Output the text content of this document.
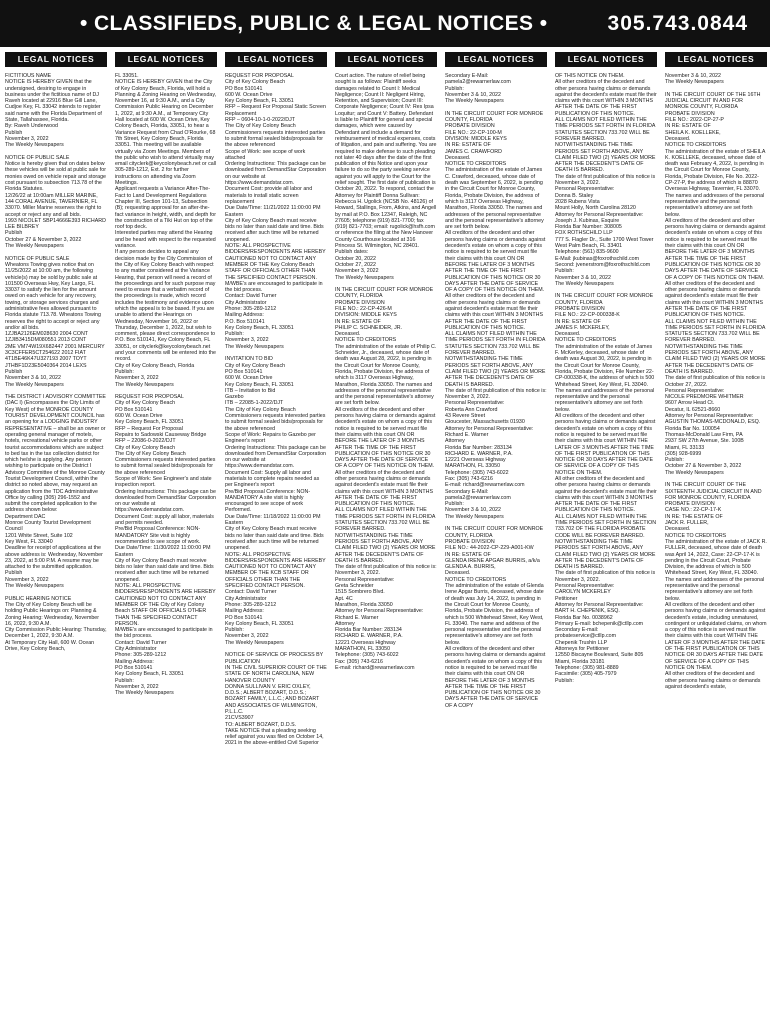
• CLASSIFIEDS, PUBLIC & LEGAL NOTICES •	305.743.0844
LEGAL NOTICES
FICTITIOUS NAME
NOTICE IS HEREBY GIVEN that the undersigned, desiring to engage in business under the fictitious name of DJ Raveh located at 22916 Blue Gill Lane, Cudjoe Key, FL 33042 intends to register said name with the Florida Department of State, Tallahassee, Florida.
By: Raveh Underwood
Publish
November 3, 2022
The Weekly Newspapers

NOTICE OF PUBLIC SALE
Notice is hereby given that on dates below these vehicles will be sold at public sale for monies owed on vehicle repair and storage cost pursuant to subsection 713.78 of the Florida Statutes.
12/26/22 at 10:00am MILLER MARINE, 144 CORAL AVENUE, TAVERNIER, FL 33070. Miller Marine reserves the right to accept or reject any and all bids.
1993 NICOLET SBP14666E393 RICHARD LEE BILBREY
Publish
October 27 & November 3, 2022
The Weekly Newspapers

NOTICE OF PUBLIC SALE
Wheatons Towing gives notice that on 11/25/2022 at 10:00 am, the following vehicle(s) may be sold by public sale at 101500 Overseas Hwy, Key Largo, FL 33037 to satisfy the lien for the amount owed on each vehicle for any recovery, towing, or storage services charges and administrative fees allowed pursuant to Florida statute 713.78. Wheatons Towing reserves the right to accept or reject any and/or all bids.
1ZJBA2126EM028630 2004 CONT
1ZJIB3415DM080551 2013 CONT
2ME VM74W19X682447 2001 MERCURY
3C3CFFER5CT254622 2012 FIAT
4T1BE46K47U327193 2007 TOYT
JTHBF1D23E5040364 2014 LEXS
Publish
November 3 & 10, 2022
The Weekly Newspapers

THE DISTRICT I ADVISORY COMMITTEE (DAC I) (Encompasses the City Limits of Key West) of the MONROE COUNTY TOURIST DEVELOPMENT COUNCIL has an opening for a LODGING INDUSTRY REPRESENTATIVE – shall be an owner or operating general manager of motels, hotels, recreational vehicle parks or other tourist accommodations which are subject to bed tax in the tax collection district for which he/she is applying. Any person wishing to participate on the District I Advisory Committee of the Monroe County Tourist Development Council, within the district so noted above, may request an application from the TDC Administrative Office by calling (305) 296-1552 and submit the completed application to the address shown below:
Department DAC
Monroe County Tourist Development Council
1201 White Street, Suite 102
Key West, FL 33040
Deadline for receipt of applications at the above address is: Wednesday, November 23, 2022, at 5:00 P.M. A resume may be attached to the submitted application.
Publish
November 3, 2022
The Weekly Newspapers

PUBLIC HEARING NOTICE
The City of Key Colony Beach will be holding Public Hearings on: Planning & Zoning Hearing: Wednesday, November 16, 2022, 9:30 A.M.
City Commission Public Hearing: Thursday, December 1, 2022, 9:30 A.M.
At Temporary City Hall, 600 W. Ocean Drive, Key Colony Beach,
LEGAL NOTICES
FL 33051.
NOTICE IS HEREBY GIVEN that the City of Key Colony Beach, Florida, will hold a Planning & Zoning Hearing on Wednesday, November 16, at 9:30 A.M., and a City Commission Public Hearing on December 1, 2022, at 9:30 A.M., at Temporary City Hall located at 600 W. Ocean Drive, Key Colony Beach, Florida, 33051, to hear a Variance Request from Chad O'Rourke, 68 7th Street, Key Colony Beach, Florida 33051. This meeting will be available virtually via Zoom Meetings. Members of the public who wish to attend virtually may email cityclerk@keycolonybeach.net or call 305-289-1212, Ext. 2 for further instructions on attending via Zoom Meetings.
Applicant requests a Variance After-The-Fact to Land Development Regulations Chapter III, Section 101-13, Subsection (B); requesting approval for an after-the-fact variance in height, width, and depth for the construction of a Tiki Hut on top of the roof top deck.
Interested parties may attend the Hearing and be heard with respect to the requested variance.
If any person decides to appeal any decision made by the City Commission of the City of Key Colony Beach with respect to any matter considered at the Variance Hearing, that person will need a record of the proceedings and for such purpose may need to ensure that a verbatim record of the proceedings is made, which record includes the testimony and evidence upon which the appeal is to be based. If you are unable to attend the Hearings on Wednesday, November 16, 2022 or Thursday, December 1, 2022, but wish to comment, please direct correspondence to P.O. Box 510141, Key Colony Beach, FL 33051, or cityclerk@keycolonybeach.net and your comments will be entered into the record.
City of Key Colony Beach, Florida
Publish:
November 3, 2022
The Weekly Newspapers

REQUEST FOR PROPOSAL
City of Key Colony Beach
PO Box 510141
600 W. Ocean Drive
Key Colony Beach, FL 33051
RFP – Request For Proposal
Repairs to Sadowski Causeway Bridge
RFP – 22086-0-2022/DJT
City of Key Colony Beach
The City of Key Colony Beach Commissioners requests interested parties to submit formal sealed bids/proposals for the above referenced
Scope of Work: See Engineer's and state inspection report.
Ordering Instructions: This package can be downloaded from DemandStar Corporation on our website at https://www.demandstar.com.
Document Cost: supply all labor, materials and permits needed.
Pre/Bid Proposal Conference: NON-MANDATORY Site visit is highly recommended to see scope of work.
Due Date/Time: 11/30/2022 11:00:00 PM Eastern
City of Key Colony Beach must receive bids no later than said date and time. Bids received after such time will be returned unopened.
NOTE: ALL PROSPECTIVE BIDDERS/RESPONDENTS ARE HEREBY CAUTIONED NOT TO CONTACT ANY MEMBER OF THE City of Key Colony Beach STAFF OR OFFICIALS OTHER THAN THE SPECIFIED CONTACT PERSON.
M/WBE's are encouraged to participate in the bid process.
Contact: David Turner
City Administrator
Phone: 305-289-1212
Mailing Address:
PO Box 510141
Key Colony Beach, FL 33051
Publish:
November 3, 2022
The Weekly Newspapers
LEGAL NOTICES
REQUEST FOR PROPOSAL
City of Key Colony Beach
PO Box 510141
600 W. Ocean Drive
Key Colony Beach, FL 33051
RFP – Request For Proposal Static Screen Replacement
RFP – 0604-10-1-0-2022/DJT
The City of Key Colony Beach Commissioners requests interested parties to submit formal sealed bids/proposals for the above referenced
Scope of Work: see scope of work attached
Ordering Instructions: This package can be downloaded from DemandStar Corporation on our website at https://www.demandstar.com.
Document Cost: provide all labor and materials to install static screen replacement
Due Date/Time: 11/21/2022 11:00:00 PM Eastern
City of Key Colony Beach must receive bids no later than said date and time. Bids received after such time will be returned unopened.
NOTE: ALL PROSPECTIVE BIDDERS/RESPONDENTS ARE HEREBY CAUTIONED NOT TO CONTACT ANY MEMBER OF THE Key Colony Beach STAFF OR OFFICIALS OTHER THAN THE SPECIFIED CONTACT PERSON.
M/WBE's are encouraged to participate in the bid process.
Contact: David Turner
City Administrator
Phone: 305-289-1212
Mailing Address:
P.O. Box 510141
Key Colony Beach, FL 33051
Publish:
November 3, 2022
The Weekly Newspapers

INVITATION TO BID
City of Key Colony Beach
PO Box 510141
600 W. Ocean Drive
Key Colony Beach, FL 33051
ITB – Invitation to Bid
Gazebo
ITB – 22085-1-2022/DJT
The City of Key Colony Beach Commissioners requests interested parties to submit formal sealed bids/proposals for the above referenced
Scope of Work: Repairs to Gazebo per Engineer's report
Ordering Instructions: This package can be downloaded from DemandStar Corporation on our website at https://www.demandstar.com.
Document Cost: Supply all labor and materials to complete repairs needed as per Engineer's report
Pre/Bid Proposal Conference: NON-MANDATORY A site visit is highly encouraged to see scope of work Performed.
Due Date/Time: 11/18/2022 11:00:00 PM Eastern
City of Key Colony Beach must receive bids no later than said date and time. Bids received after such time will be returned unopened.
NOTE: ALL PROSPECTIVE BIDDERS/RESPONDENTS ARE HEREBY CAUTIONED NOT TO CONTACT ANY MEMBER OF THE KCB STAFF OR OFFICIALS OTHER THAN THE SPECIFIED CONTACT PERSON.
Contact: David Turner
City Administrator
Phone: 305-289-1212
Mailing Address:
PO Box 510141
Key Colony Beach, FL 33051
Publish:
November 3, 2022
The Weekly Newspapers

NOTICE OF SERVICE OF PROCESS BY PUBLICATION
IN THE CIVIL SUPERIOR COURT OF THE STATE OF NORTH CAROLINA, NEW HANOVER COUNTY
DONNA SULLIVAN V. ERIC OXLEY, D.D.S.; ALBERT BOZART, D.D.S.; BOZART FAMILY, L.L.C.; AND BOZART AND ASSOCIATES OF WILMINGTON, P.L.L.C.
21CVS3907
TO: ALBERT BOZART, D.D.S.
TAKE NOTICE that a pleading seeking relief against you was filed on October 14, 2021 in the above-entitled Civil Superior
LEGAL NOTICES
Court action. The nature of relief being sought is as follows: Plaintiff seeks damages related to Count I: Medical Negligence; Count II: Negligent Hiring, Retention, and Supervision; Count III: Corporate Negligence; Count IV: Res Ipsa Loquitur; and Count V: Battery. Defendant is liable to Plaintiff for general and special damages, which were caused by Defendant and include a demand for reimbursement of medical expenses, costs of litigation, and pain and suffering. You are required to make defense to such pleading not later 40 days after the date of the first publication of this Notice and upon your failure to do so the party seeking service against you will apply to the Court for the relief sought. The first date of publication is October 20, 2022. To respond, contact the Attorney for Plaintiff Donna Sullivan: Rebecca H. Ugolick (NCSB No. 48126) of Howard, Stallings, From, Atkins, and Angell by mail at P.O. Box 12347, Raleigh, NC 27605; telephone (919) 821-7700; fax (919) 821-7703; email: rugolick@hsfh.com or reference the filing at the New Hanover County Courthouse located at 316 Princess St. Wilmington, NC 28401.
Publish dates:
October 20, 2022
October 27, 2022
November 3, 2022
The Weekly Newspapers

IN THE CIRCUIT COURT FOR MONROE COUNTY, FLORIDA
PROBATE DIVISION
FILE NO.: 22-CP-426-M
DIVISION: MIDDLE KEYS
IN RE: ESTATE OF
PHILIP C. SCHNEIDER, JR.
Deceased.
NOTICE TO CREDITORS
The administration of the estate of Philip C. Schneider, Jr., deceased, whose date of death was August 28, 2022, is pending in the Circuit Court for Monroe County, Florida, Probate Division, the address of which is 3117 Overseas Highway, Marathon, Florida 33050. The names and addresses of the personal representative and the personal representative's attorney are set forth below.
All creditors of the decedent and other persons having claims or demands against decedent's estate on whom a copy of this notice is required to be served must file their claims with this court ON OR BEFORE THE LATER OF 3 MONTHS AFTER THE TIME OF THE FIRST PUBLICATION OF THIS NOTICE OR 30 DAYS AFTER THE DATE OF SERVICE OF A COPY OF THIS NOTICE ON THEM.
All other creditors of the decedent and other persons having claims or demands against decedent's estate must file their claims with this court WITHIN 3 MONTHS AFTER THE DATE OF THE FIRST PUBLICATION OF THIS NOTICE.
ALL CLAIMS NOT FILED WITHIN THE TIME PERIODS SET FORTH IN FLORIDA STATUTES SECTION 733.702 WILL BE FOREVER BARRED.
NOTWITHSTANDING THE TIME PERIODS SET FORTH ABOVE, ANY CLAIM FILED TWO (2) YEARS OR MORE AFTER THE DECEDENT'S DATE OF DEATH IS BARRED.
The date of first publication of this notice is: November 3, 2022.
Personal Representative:
Greta Schneider
1515 Sombrero Blvd.
Apt. 4C
Marathon, Florida 33050
Attorney for Personal Representative:
Richard E. Warner
Attorney
Florida Bar Number: 283134
RICHARD E. WARNER, P.A.
12221 Overseas Highway
MARATHON, FL 33050
Telephone: (305) 743-6022
Fax: (305) 743-6216
E-mail: richard@rewarnerlaw.com
LEGAL NOTICES
Secondary E-Mail: pamela2@rewarnerlaw.com
Publish:
November 3 & 10, 2022
The Weekly Newspapers

IN THE CIRCUIT COURT FOR MONROE COUNTY, FLORIDA
PROBATE DIVISION
FILE NO.: 22-CP-100-M
DIVISION: MIDDLE KEYS
IN RE: ESTATE OF
JAMES C. CRAWFORD
Deceased.
NOTICE TO CREDITORS
The administration of the estate of James C. Crawford, deceased, whose date of death was September 6, 2022, is pending in the Circuit Court for Monroe County, Florida, Probate Division, the address of which is 3117 Overseas Highway, Marathon, Florida 33050. The names and addresses of the personal representative and the personal representative's attorney are set forth below.
All creditors of the decedent and other persons having claims or demands against decedent's estate on whom a copy of this notice is required to be served must file their claims with this court ON OR BEFORE THE LATER OF 3 MONTHS AFTER THE TIME OF THE FIRST PUBLICATION OF THIS NOTICE OR 30 DAYS AFTER THE DATE OF SERVICE OF A COPY OF THIS NOTICE ON THEM.
All other creditors of the decedent and other persons having claims or demands against decedent's estate must file their claims with this court WITHIN 3 MONTHS AFTER THE DATE OF THE FIRST PUBLICATION OF THIS NOTICE.
ALL CLAIMS NOT FILED WITHIN THE TIME PERIODS SET FORTH IN FLORIDA STATUTES SECTION 733.702 WILL BE FOREVER BARRED.
NOTWITHSTANDING THE TIME PERIODS SET FORTH ABOVE, ANY CLAIM FILED TWO (2) YEARS OR MORE AFTER THE DECEDENT'S DATE OF DEATH IS BARRED.
The date of first publication of this notice is: November 3, 2022.
Personal Representative:
Roberta Ann Crawford
43 Revere Street
Gloucester, Massachusetts 01930
Attorney for Personal Representative:
Richard E. Warner
Attorney
Florida Bar Number: 283134
RICHARD E. WARNER, P.A.
12221 Overseas Highway
MARATHON, FL 33050
Telephone: (305) 743-6022
Fax: (305) 743-6216
E-mail: richard@rewarnerlaw.com
Secondary E-Mail: pamela2@rewarnerlaw.com
Publish:
November 3 & 10, 2022
The Weekly Newspapers

IN THE CIRCUIT COURT FOR MONROE COUNTY, FLORIDA
PROBATE DIVISION
FILE NO.: 44-2022-CP-229-A001-KW
IN RE: ESTATE OF
GLENDA IRENE APGAR BURRIS, a/k/a GLENDA A. BURRIS,
Deceased.
NOTICE TO CREDITORS
The administration of the estate of Glenda Irene Apgar Burris, deceased, whose date of death was July 14, 2022, is pending in the Circuit Court for Monroe County, Florida, Probate Division, the address of which is 500 Whitehead Street, Key West, FL 33040. The name and address of the personal representative and the personal representative's attorney are set forth below.
All creditors of the decedent and other persons having claims or demands against decedent's estate on whom a copy of this notice is required to be served must file their claims with this court ON OR BEFORE THE LATER OF 3 MONTHS AFTER THE TIME OF THE FIRST PUBLICATION OF THIS NOTICE OR 30 DAYS AFTER THE DATE OF SERVICE OF A COPY
LEGAL NOTICES
OF THIS NOTICE ON THEM.
All other creditors of the decedent and other persons having claims or demands against the decedent's estate must file their claims with this court WITHIN 3 MONTHS AFTER THE DATE OF THE FIRST PUBLICATION OF THIS NOTICE.
ALL CLAIMS NOT FILED WITHIN THE TIME PERIODS SET FORTH IN FLORIDA STATUTES SECTION 733.702 WILL BE FOREVER BARRED.
NOTWITHSTANDING THE TIME PERIODS SET FORTH ABOVE, ANY CLAIM FILED TWO (2) YEARS OR MORE AFTER THE DECEDENT'S DATE OF DEATH IS BARRED.
The date of first publication of this notice is November 3, 2022.
Personal Representative:
Donna B. Staley
2028 Rubens Vista
Mount Holly, North Carolina 28120
Attorney for Personal Representative:
Joseph J. Kubinas, Esquire
Florida Bar Number: 308005
FOX ROTHSCHILD LLP
777 S. Flagler Dr., Suite 1700 West Tower
West Palm Beach, FL 33401
Telephone: (561) 835-9600
E-Mail: jkubinas@foxrothschild.com
Second: jvenerstrom@foxrothschild.com
Publish:
November 3 & 10, 2022
The Weekly Newspapers

IN THE CIRCUIT COURT FOR MONROE COUNTY, FLORIDA
PROBATE DIVISION
FILE NO.: 22-CP-000338-K
IN RE: ESTATE OF
JAMES F. MCKERLEY,
Deceased.
NOTICE TO CREDITORS
The administration of the estate of James F. McKerley, deceased, whose date of death was August 30, 2022, is pending in the Circuit Court for Monroe County, Florida, Probate Division, File Number 22-CP-000338-K, the address of which is 500 Whitehead Street, Key West, FL 33040. The names and addresses of the personal representative and the personal representative's attorney are set forth below.
All creditors of the decedent and other persons having claims or demands against decedent's estate on whom a copy of this notice is required to be served must file their claims with this court WITHIN THE LATER OF 3 MONTHS AFTER THE TIME OF THE FIRST PUBLICATION OF THIS NOTICE OR 30 DAYS AFTER THE DATE OF SERVICE OF A COPY OF THIS NOTICE ON THEM.
All other creditors of the decedent and other persons having claims or demands against the decedent's estate must file their claims with this court WITHIN 3 MONTHS AFTER THE DATE OF THE FIRST PUBLICATION OF THIS NOTICE.
ALL CLAIMS NOT FILED WITHIN THE TIME PERIODS SET FORTH IN SECTION 733.702 OF THE FLORIDA PROBATE CODE WILL BE FOREVER BARRED.
NOTWITHSTANDING THE TIME PERIODS SET FORTH ABOVE, ANY CLAIM FILED TWO (2) YEARS OR MORE AFTER THE DECEDENT'S DATE OF DEATH IS BARRED.
The date of first publication of this notice is November 3, 2022.
Personal Representative:
CAROLYN MCKERLEY
Petitioner
Attorney for Personal Representative:
BART H. CHEPENIK, ESQ.
Florida Bar No. 0038962
Primary E-mail: bchepenik@ctllp.com
Secondary E-mail: probateservice@ctllp.com
Chepenik Trushin LLP
Attorneys for Petitioner
12550 Biscayne Boulevard, Suite 805
Miami, Florida 33181
Telephone: (305) 981-8889
Facsimile: (305) 405-7979
Publish:
LEGAL NOTICES
November 3 & 10, 2022
The Weekly Newspapers

IN THE CIRCUIT COURT OF THE 16TH JUDICIAL CIRCUIT IN AND FOR MONROE COUNTY, FLORIDA
PROBATE DIVISION
FILE NO.: 2022-CP-27-P
IN RE: ESTATE OF
SHEILA K. KOELLEKE,
Deceased.
NOTICE TO CREDITORS
The administration of the estate of SHEILA K. KOELLEKE, deceased, whose date of death was February 4, 2022, is pending in the Circuit Court for Monroe County, Florida, Probate Division, File No. 2022-CP-27-P, the address of which is 88870 Overseas Highway, Tavernier, FL 33070. The names and addresses of the personal representative and the personal representative's attorney are set forth below.
All creditors of the decedent and other persons having claims or demands against decedent's estate on whom a copy of this notice is required to be served must file their claims with this court ON OR BEFORE THE LATER OF 3 MONTHS AFTER THE TIME OF THE FIRST PUBLICATION OF THIS NOTICE OR 30 DAYS AFTER THE DATE OF SERVICE OF A COPY OF THIS NOTICE ON THEM.
All other creditors of the decedent and other persons having claims or demands against decedent's estate must file their claims with this court WITHIN 3 MONTHS AFTER THE DATE OF THE FIRST PUBLICATION OF THIS NOTICE.
ALL CLAIMS NOT FILED WITHIN THE TIME PERIODS SET FORTH IN FLORIDA STATUTES SECTION 733.702 WILL BE FOREVER BARRED.
NOTWITHSTANDING THE TIME PERIODS SET FORTH ABOVE, ANY CLAIM FILED TWO (2) YEARS OR MORE AFTER THE DECEDENT'S DATE OF DEATH IS BARRED.
The date of first publication of this notice is October 27, 2022.
Personal Representative:
NICOLE PREDMORE WHITMER
9607 Arrow Head Ct.
Decatur, IL 62521-8660
Attorney for Personal Representative:
AGUSTIN THOMAS-MCDONALD, ESQ.
Florida Bar No. 100054
Thomas-McDonald Law Firm, PA
2937 SW 27th Avenue, Ste. 100B
Miami, FL 33133
(305) 928-6999
Publish:
October 27 & November 3, 2022
The Weekly Newspapers

IN THE CIRCUIT COURT OF THE SIXTEENTH JUDICIAL CIRCUIT IN AND FOR MONROE COUNTY, FLORIDA
PROBATE DIVISION
CASE NO.: 22-CP-17-K
IN RE: THE ESTATE OF
JACK R. FULLER,
Deceased.
NOTICE TO CREDITORS
The administration of the estate of JACK R. FULLER, deceased, whose date of death was April 14, 2022, Case: 22-CP-17-K is pending in the Circuit Court, Probate Division, the address of which is 500 Whitehead Street, Key West, FL 33040. The names and addresses of the personal representative and the personal representative's attorney are set forth below.
All creditors of the decedent and other persons having claims or demands against decedent's estate, including unmatured, contingent or unliquidated claims, on whom a copy of this notice is served must file their claims with this court WITHIN THE LATER OF 3 MONTHS AFTER THE DATE OF THE FIRST PUBLICATION OF THIS NOTICE OR 30 DAYS AFTER THE DATE OF SERVICE OF A COPY OF THIS NOTICE ON THEM.
All other creditors of the decedent and other persons having claims or demands against decedent's estate,
